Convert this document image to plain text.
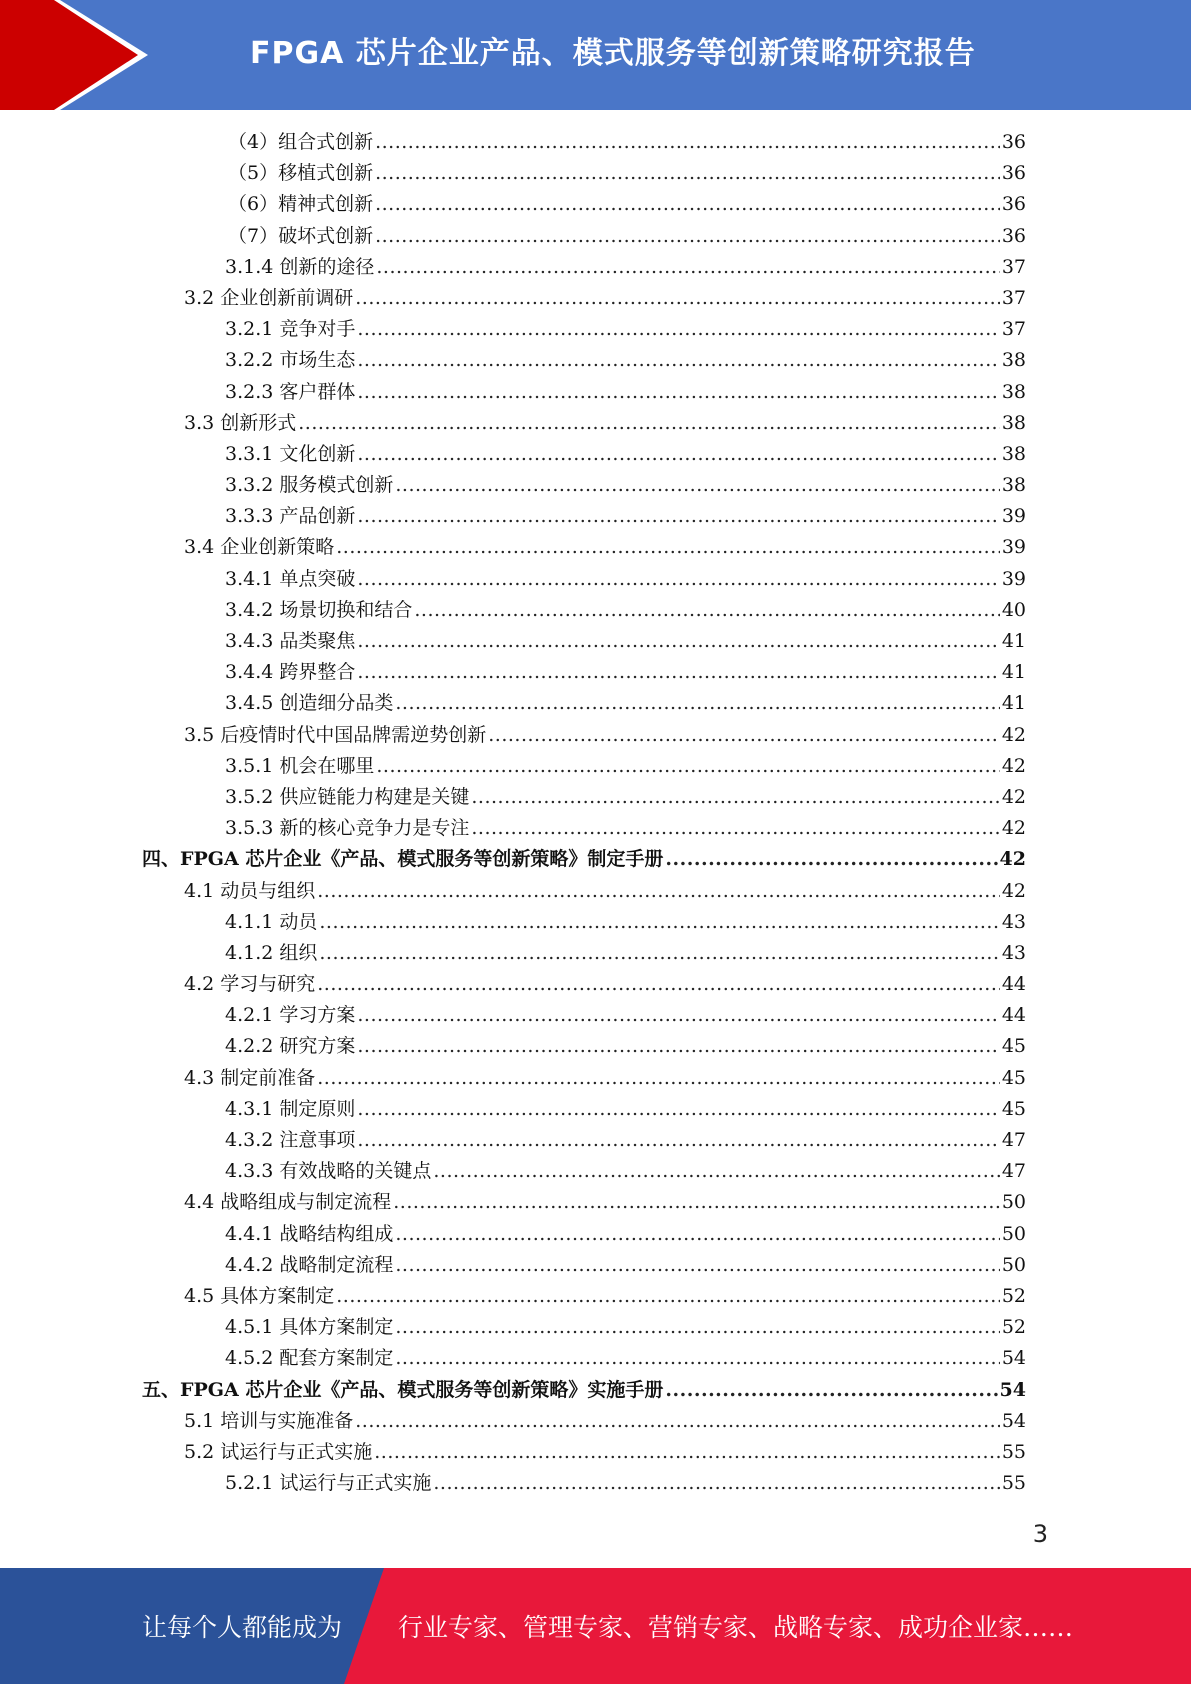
FPGA 芯片企业产品、模式服务等创新策略研究报告
（4）组合式创新 .....	36
（5）移植式创新 .....	36
（6）精神式创新 .....	36
（7）破坏式创新 .....	36
3.1.4 创新的途径 .....	37
3.2 企业创新前调研 .....	37
3.2.1 竞争对手 .....	37
3.2.2 市场生态 .....	38
3.2.3 客户群体 .....	38
3.3 创新形式 .....	38
3.3.1 文化创新 .....	38
3.3.2 服务模式创新 .....	38
3.3.3 产品创新 .....	39
3.4 企业创新策略 .....	39
3.4.1 单点突破 .....	39
3.4.2 场景切换和结合 .....	40
3.4.3 品类聚焦 .....	41
3.4.4 跨界整合 .....	41
3.4.5 创造细分品类 .....	41
3.5 后疫情时代中国品牌需逆势创新 .....	42
3.5.1 机会在哪里 .....	42
3.5.2 供应链能力构建是关键 .....	42
3.5.3 新的核心竞争力是专注 .....	42
四、FPGA 芯片企业《产品、模式服务等创新策略》制定手册 .....	42
4.1 动员与组织 .....	42
4.1.1 动员 .....	43
4.1.2 组织 .....	43
4.2 学习与研究 .....	44
4.2.1 学习方案 .....	44
4.2.2 研究方案 .....	45
4.3 制定前准备 .....	45
4.3.1 制定原则 .....	45
4.3.2 注意事项 .....	47
4.3.3 有效战略的关键点 .....	47
4.4 战略组成与制定流程 .....	50
4.4.1 战略结构组成 .....	50
4.4.2 战略制定流程 .....	50
4.5 具体方案制定 .....	52
4.5.1 具体方案制定 .....	52
4.5.2 配套方案制定 .....	54
五、FPGA 芯片企业《产品、模式服务等创新策略》实施手册 .....	54
5.1 培训与实施准备 .....	54
5.2 试运行与正式实施 .....	55
5.2.1 试运行与正式实施 .....	55
3
让每个人都能成为 行业专家、管理专家、营销专家、战略专家、成功企业家……
